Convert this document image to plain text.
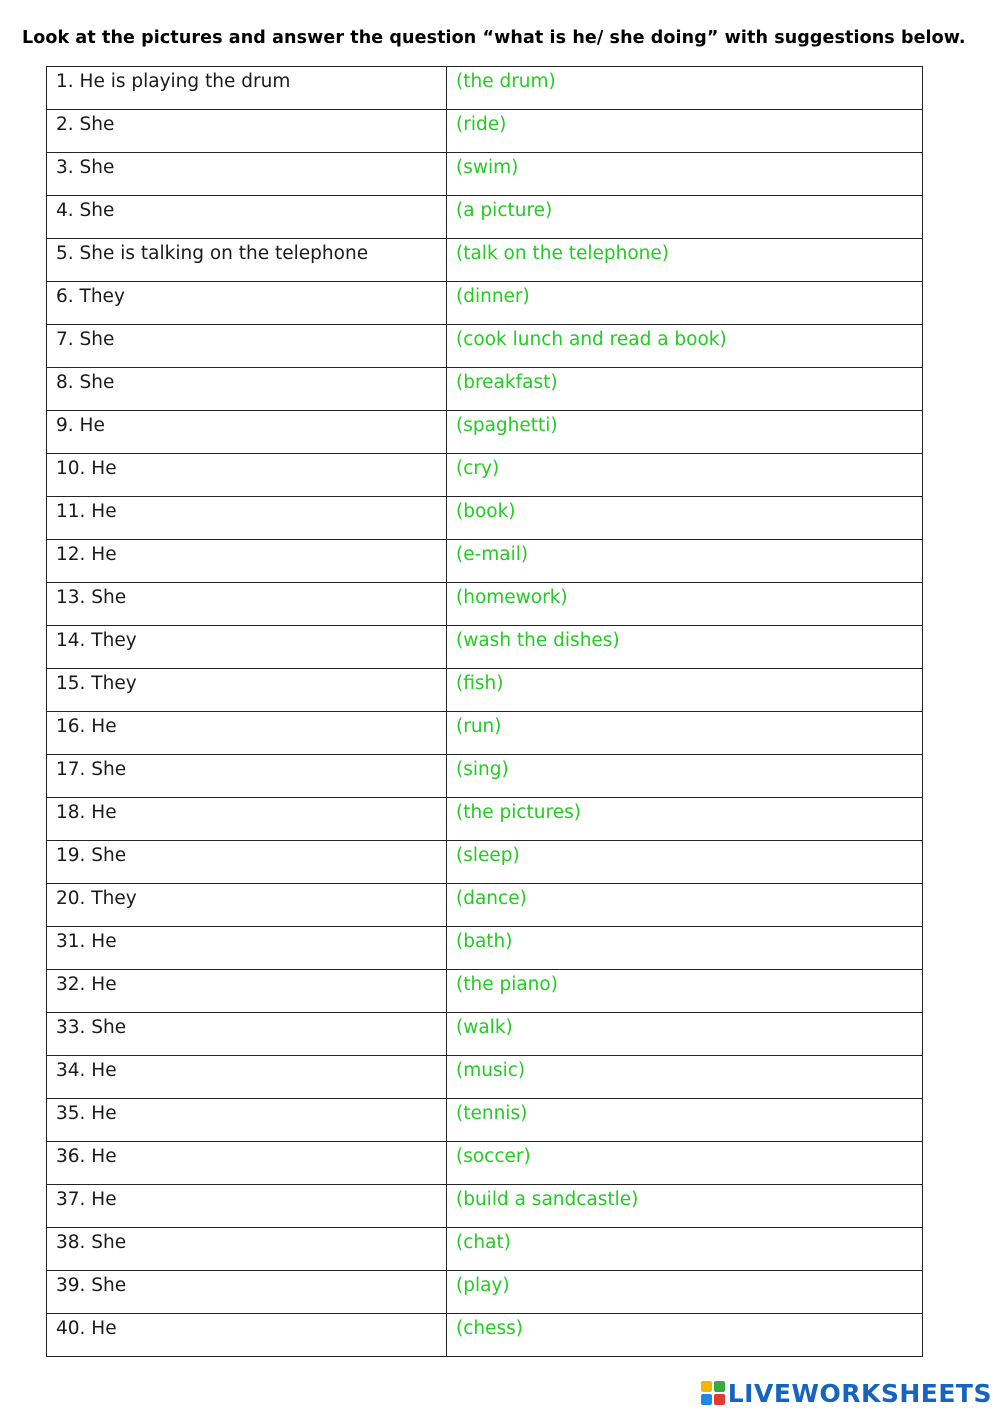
Look at the pictures and answer the question “what is he/ she doing” with suggestions below.
1. He is playing the drum	(the drum)
2. She	(ride)
3. She	(swim)
4. She	(a picture)
5. She is talking on the telephone	(talk on the telephone)
6. They	(dinner)
7. She	(cook lunch and read a book)
8. She	(breakfast)
9. He	(spaghetti)
10. He	(cry)
11. He	(book)
12. He	(e-mail)
13. She	(homework)
14. They	(wash the dishes)
15. They	(fish)
16. He	(run)
17. She	(sing)
18. He	(the pictures)
19. She	(sleep)
20. They	(dance)
31. He	(bath)
32. He	(the piano)
33. She	(walk)
34. He	(music)
35. He	(tennis)
36. He	(soccer)
37. He	(build a sandcastle)
38. She	(chat)
39. She	(play)
40. He	(chess)
LIVEWORKSHEETS
